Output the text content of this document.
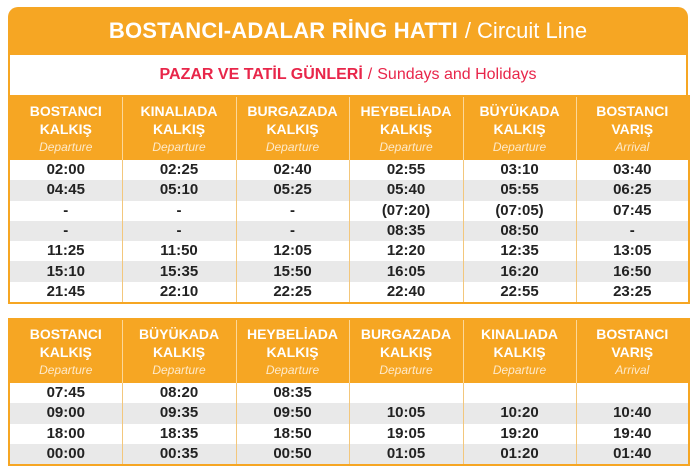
BOSTANCI-ADALAR RİNG HATTI / Circuit Line
PAZAR VE TATİL GÜNLERİ / Sundays and Holidays
BOSTANCI
KALKIŞ
Departure	KINALIADA
KALKIŞ
Departure	BURGAZADA
KALKIŞ
Departure	HEYBELİADA
KALKIŞ
Departure	BÜYÜKADA
KALKIŞ
Departure	BOSTANCI
VARIŞ
Arrival

02:00	02:25	02:40	02:55	03:10	03:40
04:45	05:10	05:25	05:40	05:55	06:25
-	-	-	(07:20)	(07:05)	07:45
-	-	-	08:35	08:50	-
11:25	11:50	12:05	12:20	12:35	13:05
15:10	15:35	15:50	16:05	16:20	16:50
21:45	22:10	22:25	22:40	22:55	23:25
BOSTANCI
KALKIŞ
Departure	BÜYÜKADA
KALKIŞ
Departure	HEYBELİADA
KALKIŞ
Departure	BURGAZADA
KALKIŞ
Departure	KINALIADA
KALKIŞ
Departure	BOSTANCI
VARIŞ
Arrival

07:45	08:20	08:35			
09:00	09:35	09:50	10:05	10:20	10:40
18:00	18:35	18:50	19:05	19:20	19:40
00:00	00:35	00:50	01:05	01:20	01:40
